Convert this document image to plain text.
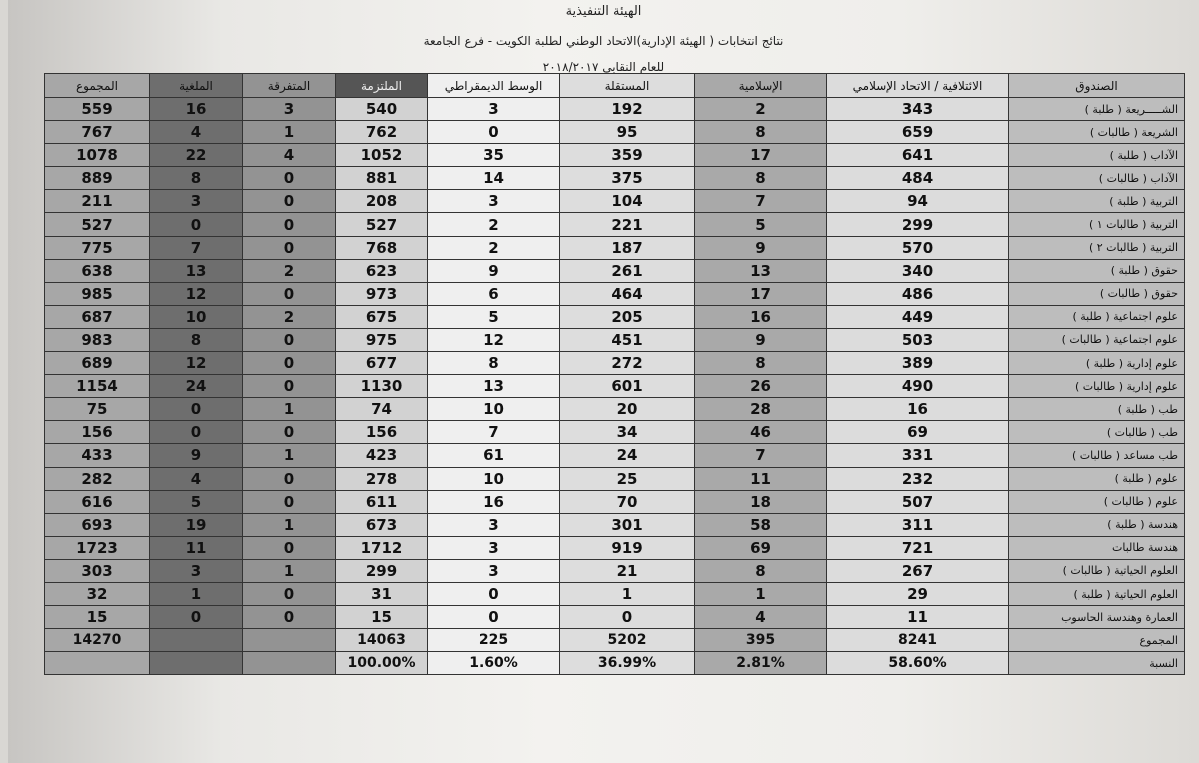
الهيئة التنفيذية
نتائج انتخابات ( الهيئة الإدارية)الاتحاد الوطني لطلبة الكويت - فرع الجامعة
للعام النقابي ٢٠١٨/٢٠١٧
الصندوق	الائتلافية / الاتحاد الإسلامي	الإسلامية	المستقلة	الوسط الديمقراطي	الملتزمة	المتفرقة	الملغية	المجموع
الشـــــريعة ( طلبة )	343	2	192	3	540	3	16	559
الشريعة ( طالبات )	659	8	95	0	762	1	4	767
الآداب ( طلبة )	641	17	359	35	1052	4	22	1078
الآداب ( طالبات )	484	8	375	14	881	0	8	889
التربية ( طلبة )	94	7	104	3	208	0	3	211
التربية ( طالبات ١ )	299	5	221	2	527	0	0	527
التربية ( طالبات ٢ )	570	9	187	2	768	0	7	775
حقوق ( طلبة )	340	13	261	9	623	2	13	638
حقوق ( طالبات )	486	17	464	6	973	0	12	985
علوم اجتماعية ( طلبة )	449	16	205	5	675	2	10	687
علوم اجتماعية ( طالبات )	503	9	451	12	975	0	8	983
علوم إدارية ( طلبة )	389	8	272	8	677	0	12	689
علوم إدارية ( طالبات )	490	26	601	13	1130	0	24	1154
طب ( طلبة )	16	28	20	10	74	1	0	75
طب ( طالبات )	69	46	34	7	156	0	0	156
طب مساعد ( طالبات )	331	7	24	61	423	1	9	433
علوم ( طلبة )	232	11	25	10	278	0	4	282
علوم ( طالبات )	507	18	70	16	611	0	5	616
هندسة ( طلبة )	311	58	301	3	673	1	19	693
هندسة طالبات	721	69	919	3	1712	0	11	1723
العلوم الحياتية ( طالبات )	267	8	21	3	299	1	3	303
العلوم الحياتية ( طلبة )	29	1	1	0	31	0	1	32
العمارة وهندسة الحاسوب	11	4	0	0	15	0	0	15
المجموع	8241	395	5202	225	14063			14270
النسبة	58.60%	2.81%	36.99%	1.60%	100.00%			
